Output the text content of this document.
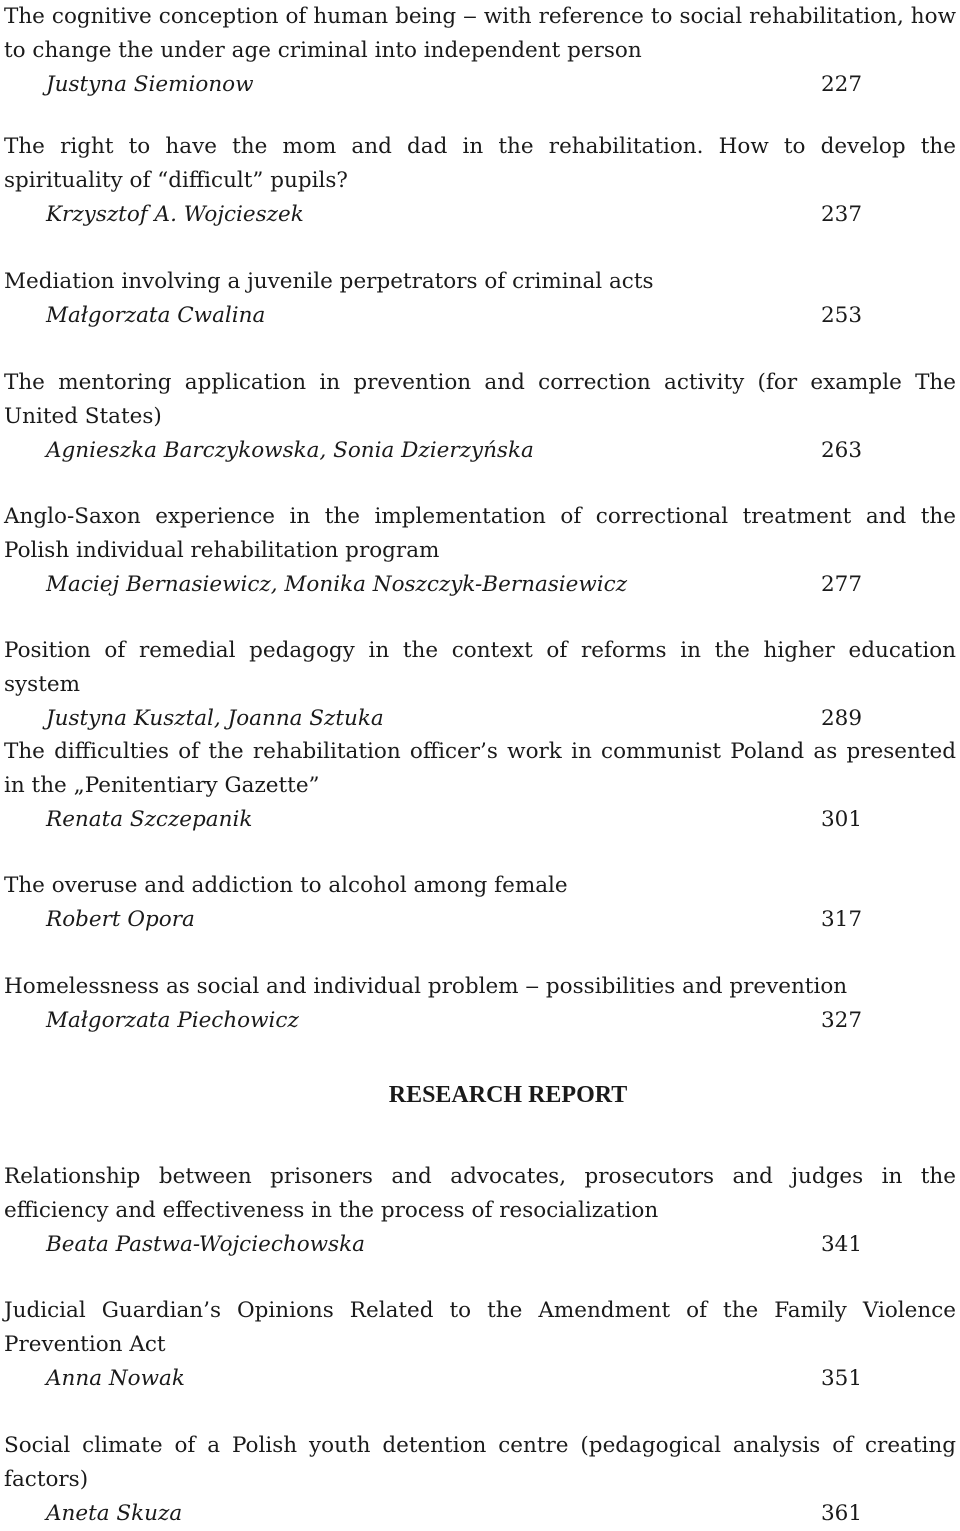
The cognitive conception of human being ‒ with reference to social rehabilitation, how to change the under age criminal into independent person

Justyna Siemionow	227

The right to have the mom and dad in the rehabilitation. How to develop the spirituality of “difficult” pupils?

Krzysztof A. Wojcieszek	237

Mediation involving a juvenile perpetrators of criminal acts

Małgorzata Cwalina	253

The mentoring application in prevention and correction activity (for example The United States)

Agnieszka Barczykowska, Sonia Dzierzyńska	263

Anglo-Saxon experience in the implementation of correctional treatment and the Polish individual rehabilitation program

Maciej Bernasiewicz, Monika Noszczyk-Bernasiewicz	277

Position of remedial pedagogy in the context of reforms in the higher education system

Justyna Kusztal, Joanna Sztuka	289

The difficulties of the rehabilitation officer’s work in communist Poland as presented in the „Penitentiary Gazette”

Renata Szczepanik	301

The overuse and addiction to alcohol among female

Robert Opora	317

Homelessness as social and individual problem ‒ possibilities and prevention

Małgorzata Piechowicz	327
RESEARCH REPORT

Relationship between prisoners and advocates, prosecutors and judges in the efficiency and effectiveness in the process of resocialization

Beata Pastwa-Wojciechowska	341

Judicial Guardian’s Opinions Related to the Amendment of the Family Violence Prevention Act

Anna Nowak	351

Social climate of a Polish youth detention centre (pedagogical analysis of creating factors)

Aneta Skuza	361
